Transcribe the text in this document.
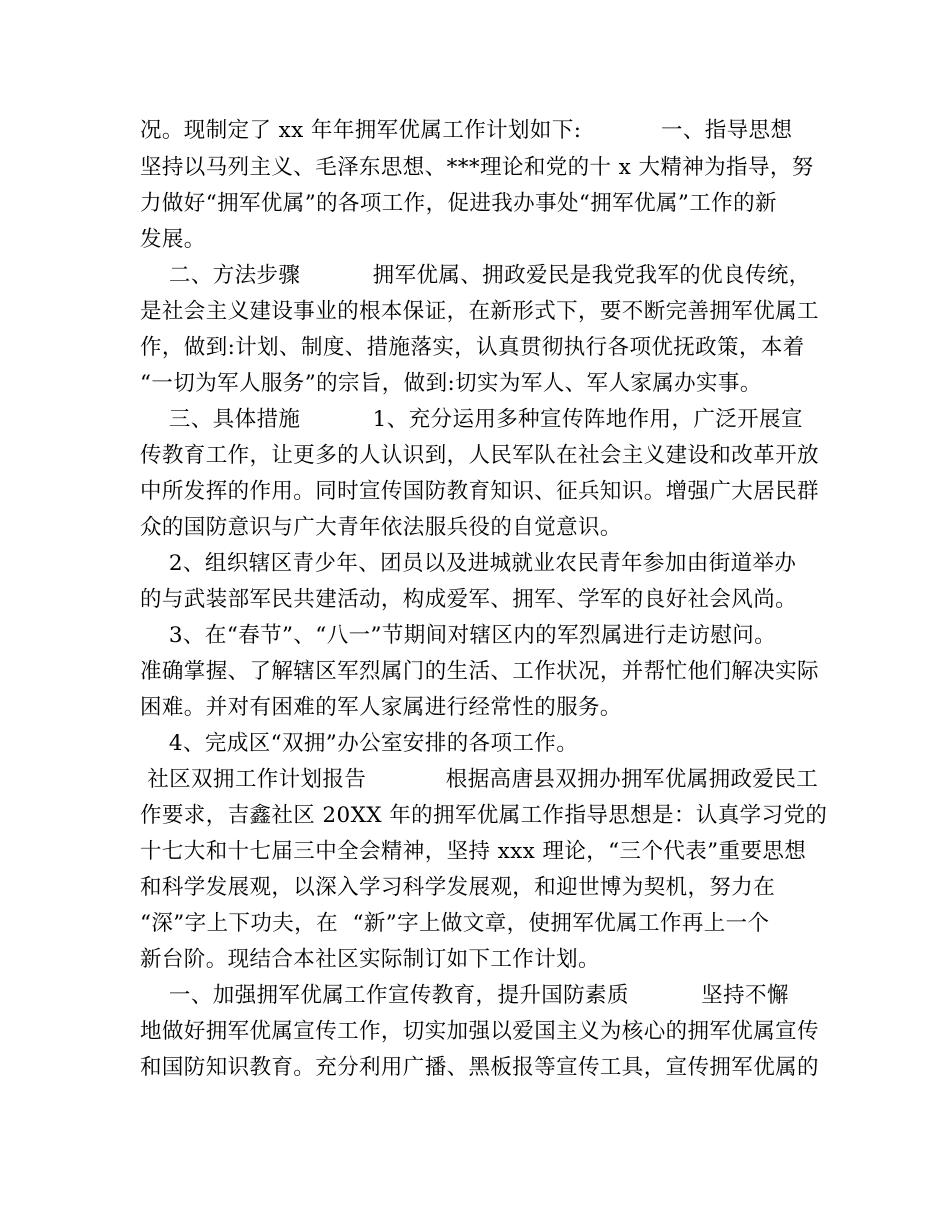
况。现制定了 xx 年年拥军优属工作计划如下:           一、指导思想
坚持以马列主义、毛泽东思想、***理论和党的十 x 大精神为指导，努
力做好“拥军优属”的各项工作，促进我办事处“拥军优属”工作的新
发展。
二、方法步骤          拥军优属、拥政爱民是我党我军的优良传统，
是社会主义建设事业的根本保证，在新形式下，要不断完善拥军优属工
作，做到:计划、制度、措施落实，认真贯彻执行各项优抚政策，本着
“一切为军人服务”的宗旨，做到:切实为军人、军人家属办实事。
三、具体措施          1、充分运用多种宣传阵地作用，广泛开展宣
传教育工作，让更多的人认识到，人民军队在社会主义建设和改革开放
中所发挥的作用。同时宣传国防教育知识、征兵知识。增强广大居民群
众的国防意识与广大青年依法服兵役的自觉意识。
2、组织辖区青少年、团员以及进城就业农民青年参加由街道举办
的与武装部军民共建活动，构成爱军、拥军、学军的良好社会风尚。
3、在“春节”、“八一”节期间对辖区内的军烈属进行走访慰问。
准确掌握、了解辖区军烈属门的生活、工作状况，并帮忙他们解决实际
困难。并对有困难的军人家属进行经常性的服务。
4、完成区“双拥”办公室安排的各项工作。
社区双拥工作计划报告           根据高唐县双拥办拥军优属拥政爱民工
作要求，吉鑫社区 20XX 年的拥军优属工作指导思想是：认真学习党的
十七大和十七届三中全会精神，坚持 xxx 理论，“三个代表”重要思想
和科学发展观，以深入学习科学发展观，和迎世博为契机，努力在
“深”字上下功夫，在  “新”字上做文章，使拥军优属工作再上一个
新台阶。现结合本社区实际制订如下工作计划。
一、加强拥军优属工作宣传教育，提升国防素质          坚持不懈
地做好拥军优属宣传工作，切实加强以爱国主义为核心的拥军优属宣传
和国防知识教育。充分利用广播、黑板报等宣传工具，宣传拥军优属的
